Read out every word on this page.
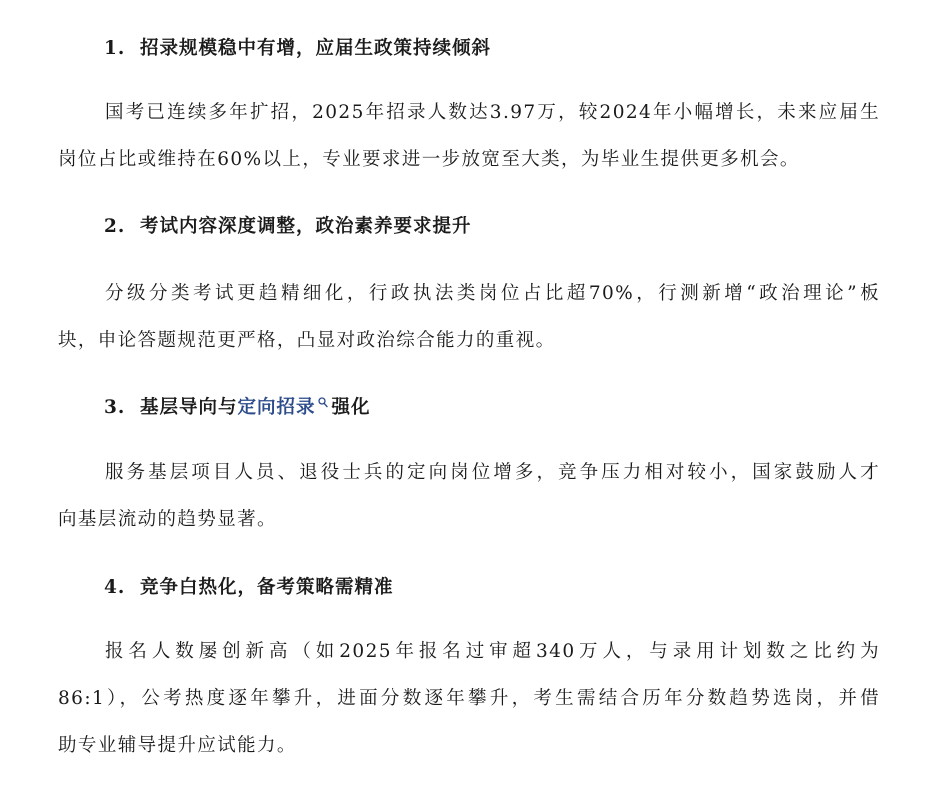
1. 招录规模稳中有增，应届生政策持续倾斜
国考已连续多年扩招，2025年招录人数达3.97万，较2024年小幅增长，未来应届生
岗位占比或维持在60%以上，专业要求进一步放宽至大类，为毕业生提供更多机会。
2. 考试内容深度调整，政治素养要求提升
分级分类考试更趋精细化，行政执法类岗位占比超70%，行测新增“政治理论”板
块，申论答题规范更严格，凸显对政治综合能力的重视。
3. 基层导向与定向招录 强化
服务基层项目人员、退役士兵的定向岗位增多，竞争压力相对较小，国家鼓励人才
向基层流动的趋势显著。
4. 竞争白热化，备考策略需精准
报名人数屡创新高（如2025年报名过审超340万人，与录用计划数之比约为
86:1），公考热度逐年攀升，进面分数逐年攀升，考生需结合历年分数趋势选岗，并借
助专业辅导提升应试能力。
